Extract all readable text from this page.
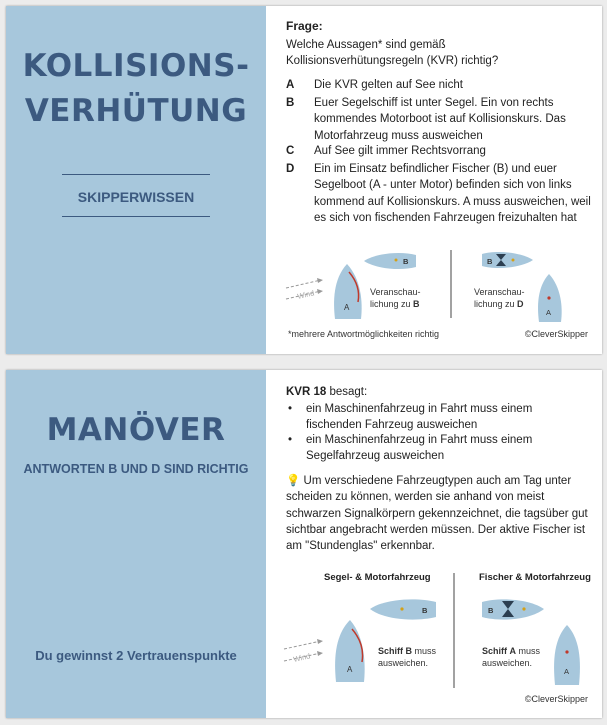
KOLLISIONS-
VERHÜTUNG
SKIPPERWISSEN
Frage:
Welche Aussagen* sind gemäß Kollisionsverhütungsregeln (KVR) richtig?
A Die KVR gelten auf See nicht
B Euer Segelschiff ist unter Segel. Ein von rechts kommendes Motorboot ist auf Kollisionskurs. Das Motorfahrzeug muss ausweichen
C Auf See gilt immer Rechtsvorrang
D Ein im Einsatz befindlicher Fischer (B) und euer Segelboot (A - unter Motor) befinden sich von links kommend auf Kollisionskurs. A muss ausweichen, weil es sich von fischenden Fahrzeugen freizuhalten hat
Wind
A
B	B
A
Veranschau-lichung zu B
Veranschau-lichung zu D
*mehrere Antwortmöglichkeiten richtig	©CleverSkipper
MANÖVER
ANTWORTEN B UND D SIND RICHTIG
Du gewinnst 2 Vertrauenspunkte
KVR 18 besagt:
• ein Maschinenfahrzeug in Fahrt muss einem fischenden Fahrzeug ausweichen
• ein Maschinenfahrzeug in Fahrt muss einem Segelfahrzeug ausweichen
💡 Um verschiedene Fahrzeugtypen auch am Tag unter scheiden zu können, werden sie anhand von meist schwarzen Signalkörpern gekennzeichnet, die tagsüber gut sichtbar angebracht werden müssen. Der aktive Fischer ist am "Stundenglas" erkennbar.
Segel- & Motorfahrzeug	Fischer & Motorfahrzeug
Wind
A
B	B
A
Schiff B muss ausweichen.
Schiff A muss ausweichen.
©CleverSkipper
